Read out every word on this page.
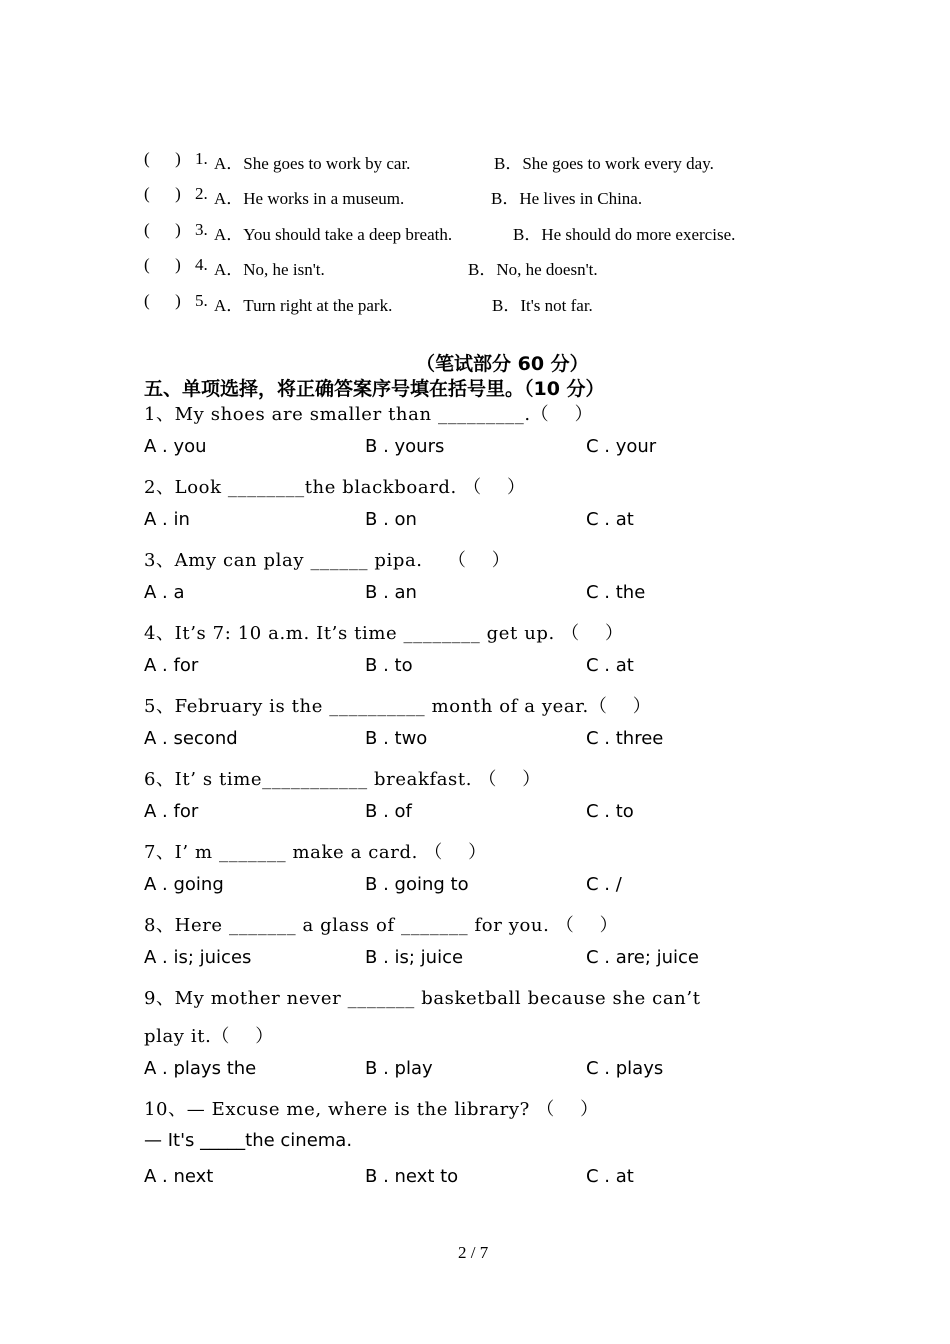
(      ) 1. A．She goes to work by car.	B．She goes to work every day.
(      ) 2. A．He works in a museum.	B．He lives in China.
(      ) 3. A．You should take a deep breath.	B．He should do more exercise.
(      ) 4. A．No, he isn't.	B．No, he doesn't.
(      ) 5. A．Turn right at the park.	B．It's not far.
（笔试部分 60 分）
五、单项选择，将正确答案序号填在括号里。（10 分）
1、My shoes are smaller than _________.（    ）
A . you	B . yours	C . your
2、Look ________the blackboard. （    ）
A . in	B . on	C . at
3、Amy can play ______ pipa.    （    ）
A . a	B . an	C . the
4、It’s 7: 10 a.m. It’s time ________ get up. （    ）
A . for	B . to	C . at
5、February is the __________ month of a year.（    ）
A . second	B . two	C . three
6、It’ s time___________ breakfast. （    ）
A . for	B . of	C . to
7、I’ m _______ make a card. （    ）
A . going	B . going to	C . /
8、Here _______ a glass of _______ for you. （    ）
A . is; juices	B . is; juice	C . are; juice
9、My mother never _______ basketball because she can’t
play it.（    ）
A . plays the	B . play	C . plays
10、— Excuse me, where is the library? （    ）
— It's _____the cinema.
A . next	B . next to	C . at
2 / 7
